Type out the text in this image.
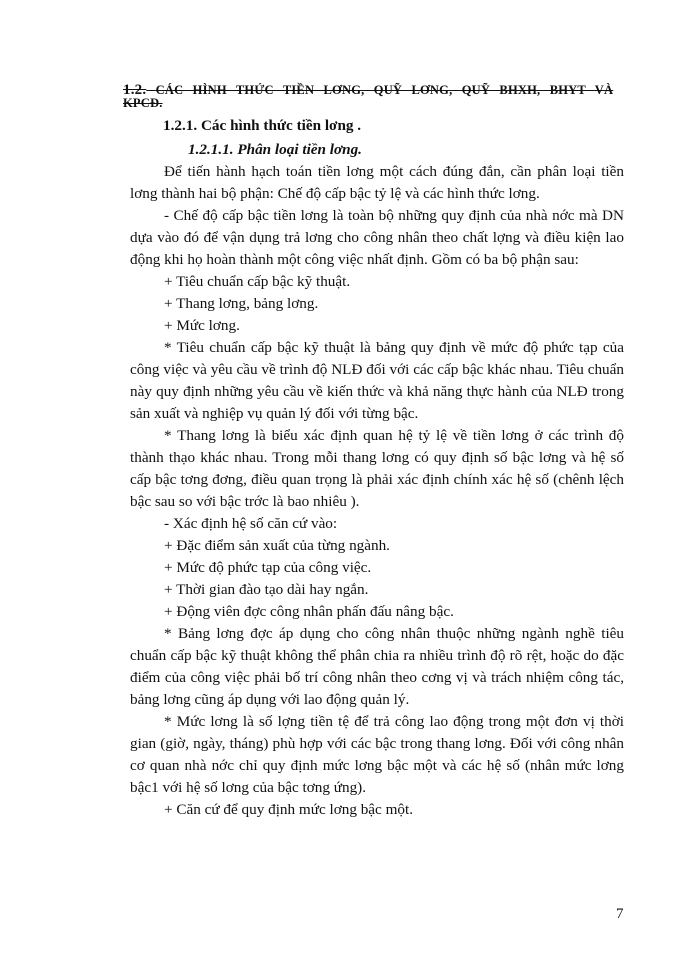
1.2. CÁC HÌNH THỨC TIỀN LƠNG, QUỸ LƠNG, QUỸ BHXH, BHYT VÀ KPCĐ.

1.2.1. Các hình thức tiền lơng .

1.2.1.1. Phân loại tiền lơng.

Để tiến hành hạch toán tiền lơng một cách đúng đắn, cần phân loại tiền lơng thành hai bộ phận: Chế độ cấp bậc tỷ lệ và các hình thức lơng.

- Chế độ cấp bậc tiền lơng là toàn bộ những quy định của nhà nớc mà DN dựa vào đó để vận dụng trả lơng cho công nhân theo chất lợng và điều kiện lao động khi họ hoàn thành một công việc nhất định. Gồm có ba bộ phận sau:

+ Tiêu chuẩn cấp bậc kỹ thuật.

+ Thang lơng, bảng lơng.

+ Mức lơng.

* Tiêu chuẩn cấp bậc kỹ thuật là bảng quy định về mức độ phức tạp của công việc và yêu cầu về trình độ NLĐ đối với các cấp bậc khác nhau. Tiêu chuẩn này quy định những yêu cầu về kiến thức và khả năng thực hành của NLĐ trong sản xuất và nghiệp vụ quản lý đối với từng bậc.

* Thang lơng là biểu xác định quan hệ tỷ lệ về tiền lơng ở các trình độ thành thạo khác nhau. Trong mỗi thang lơng có quy định số bậc lơng và hệ số cấp bậc tơng đơng, điều quan trọng là phải xác định chính xác hệ số (chênh lệch bậc sau so với bậc trớc là bao nhiêu ).

- Xác định hệ số căn cứ vào:

+ Đặc điểm sản xuất của từng ngành.

+ Mức độ phức tạp của công việc.

+ Thời gian đào tạo dài hay ngắn.

+ Động viên đợc công nhân phấn đấu nâng bậc.

* Bảng lơng đợc áp dụng cho công nhân thuộc những ngành nghề tiêu chuẩn cấp bậc kỹ thuật không thể phân chia ra nhiều trình độ rõ rệt, hoặc do đặc điểm của công việc phải bố trí công nhân theo cơng vị và trách nhiệm công tác, bảng lơng cũng áp dụng với lao động quản lý.

* Mức lơng là số lợng tiền tệ để trả công lao động trong một đơn vị thời gian (giờ, ngày, tháng) phù hợp với các bậc trong thang lơng. Đối với công nhân cơ quan nhà nớc chỉ quy định mức lơng bậc một và các hệ số (nhân mức lơng bậc1 với hệ số lơng của bậc tơng ứng).

+ Căn cứ để quy định mức lơng bậc một.

7
